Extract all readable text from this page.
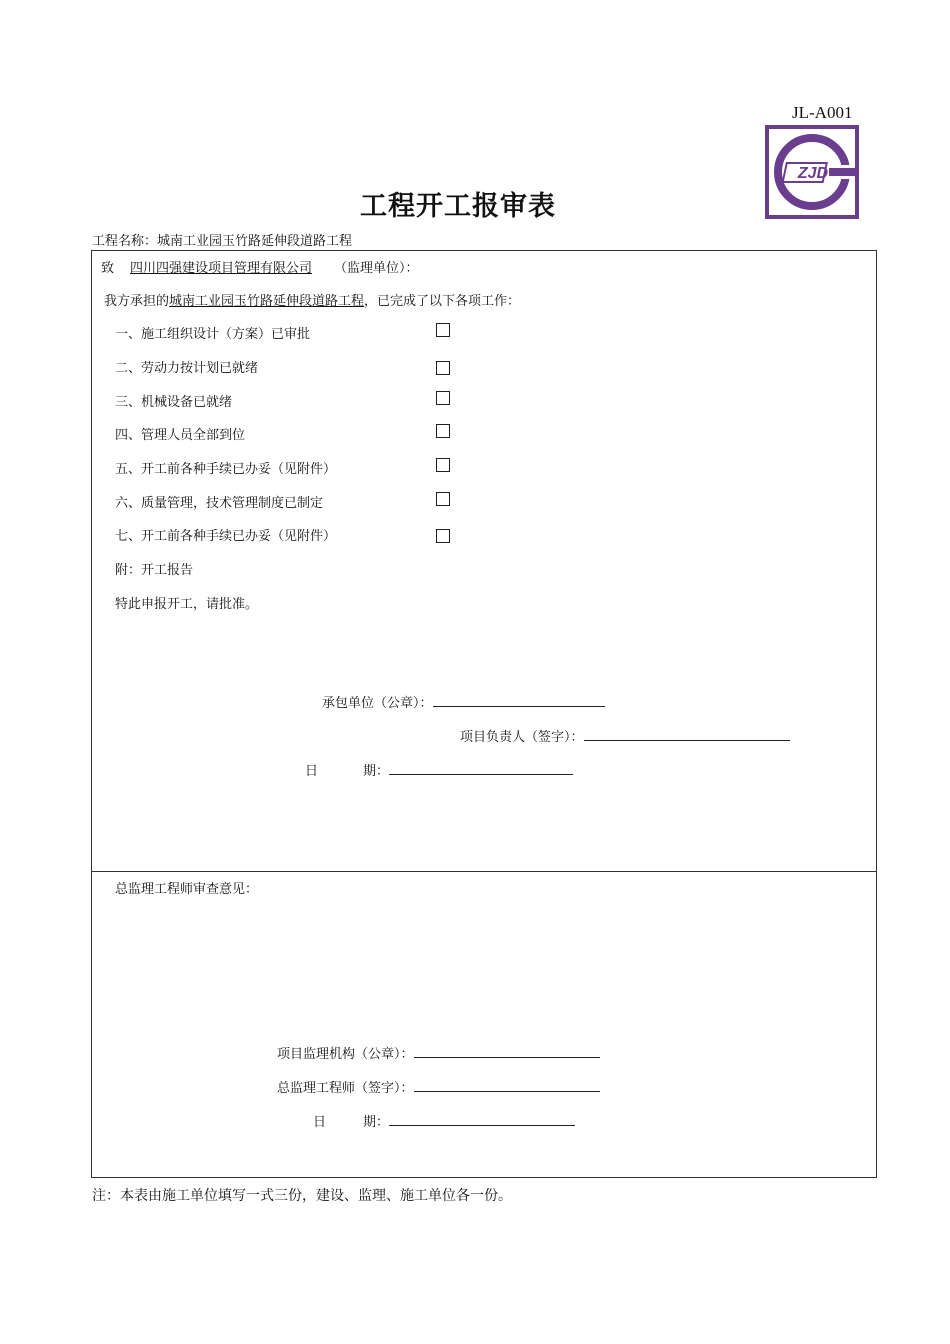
JL-A001
ZJD
工程开工报审表
工程名称：城南工业园玉竹路延伸段道路工程
致 四川四强建设项目管理有限公司 （监理单位）：
我方承担的城南工业园玉竹路延伸段道路工程，已完成了以下各项工作：
一、施工组织设计（方案）已审批
二、劳动力按计划已就绪
三、机械设备已就绪
四、管理人员全部到位
五、开工前各种手续已办妥（见附件）
六、质量管理，技术管理制度已制定
七、开工前各种手续已办妥（见附件）
附：开工报告
特此申报开工，请批准。
承包单位（公章）：
项目负责人（签字）：
日	期：
总监理工程师审查意见：
项目监理机构（公章）：
总监理工程师（签字）：
日	期：
注：本表由施工单位填写一式三份，建设、监理、施工单位各一份。
